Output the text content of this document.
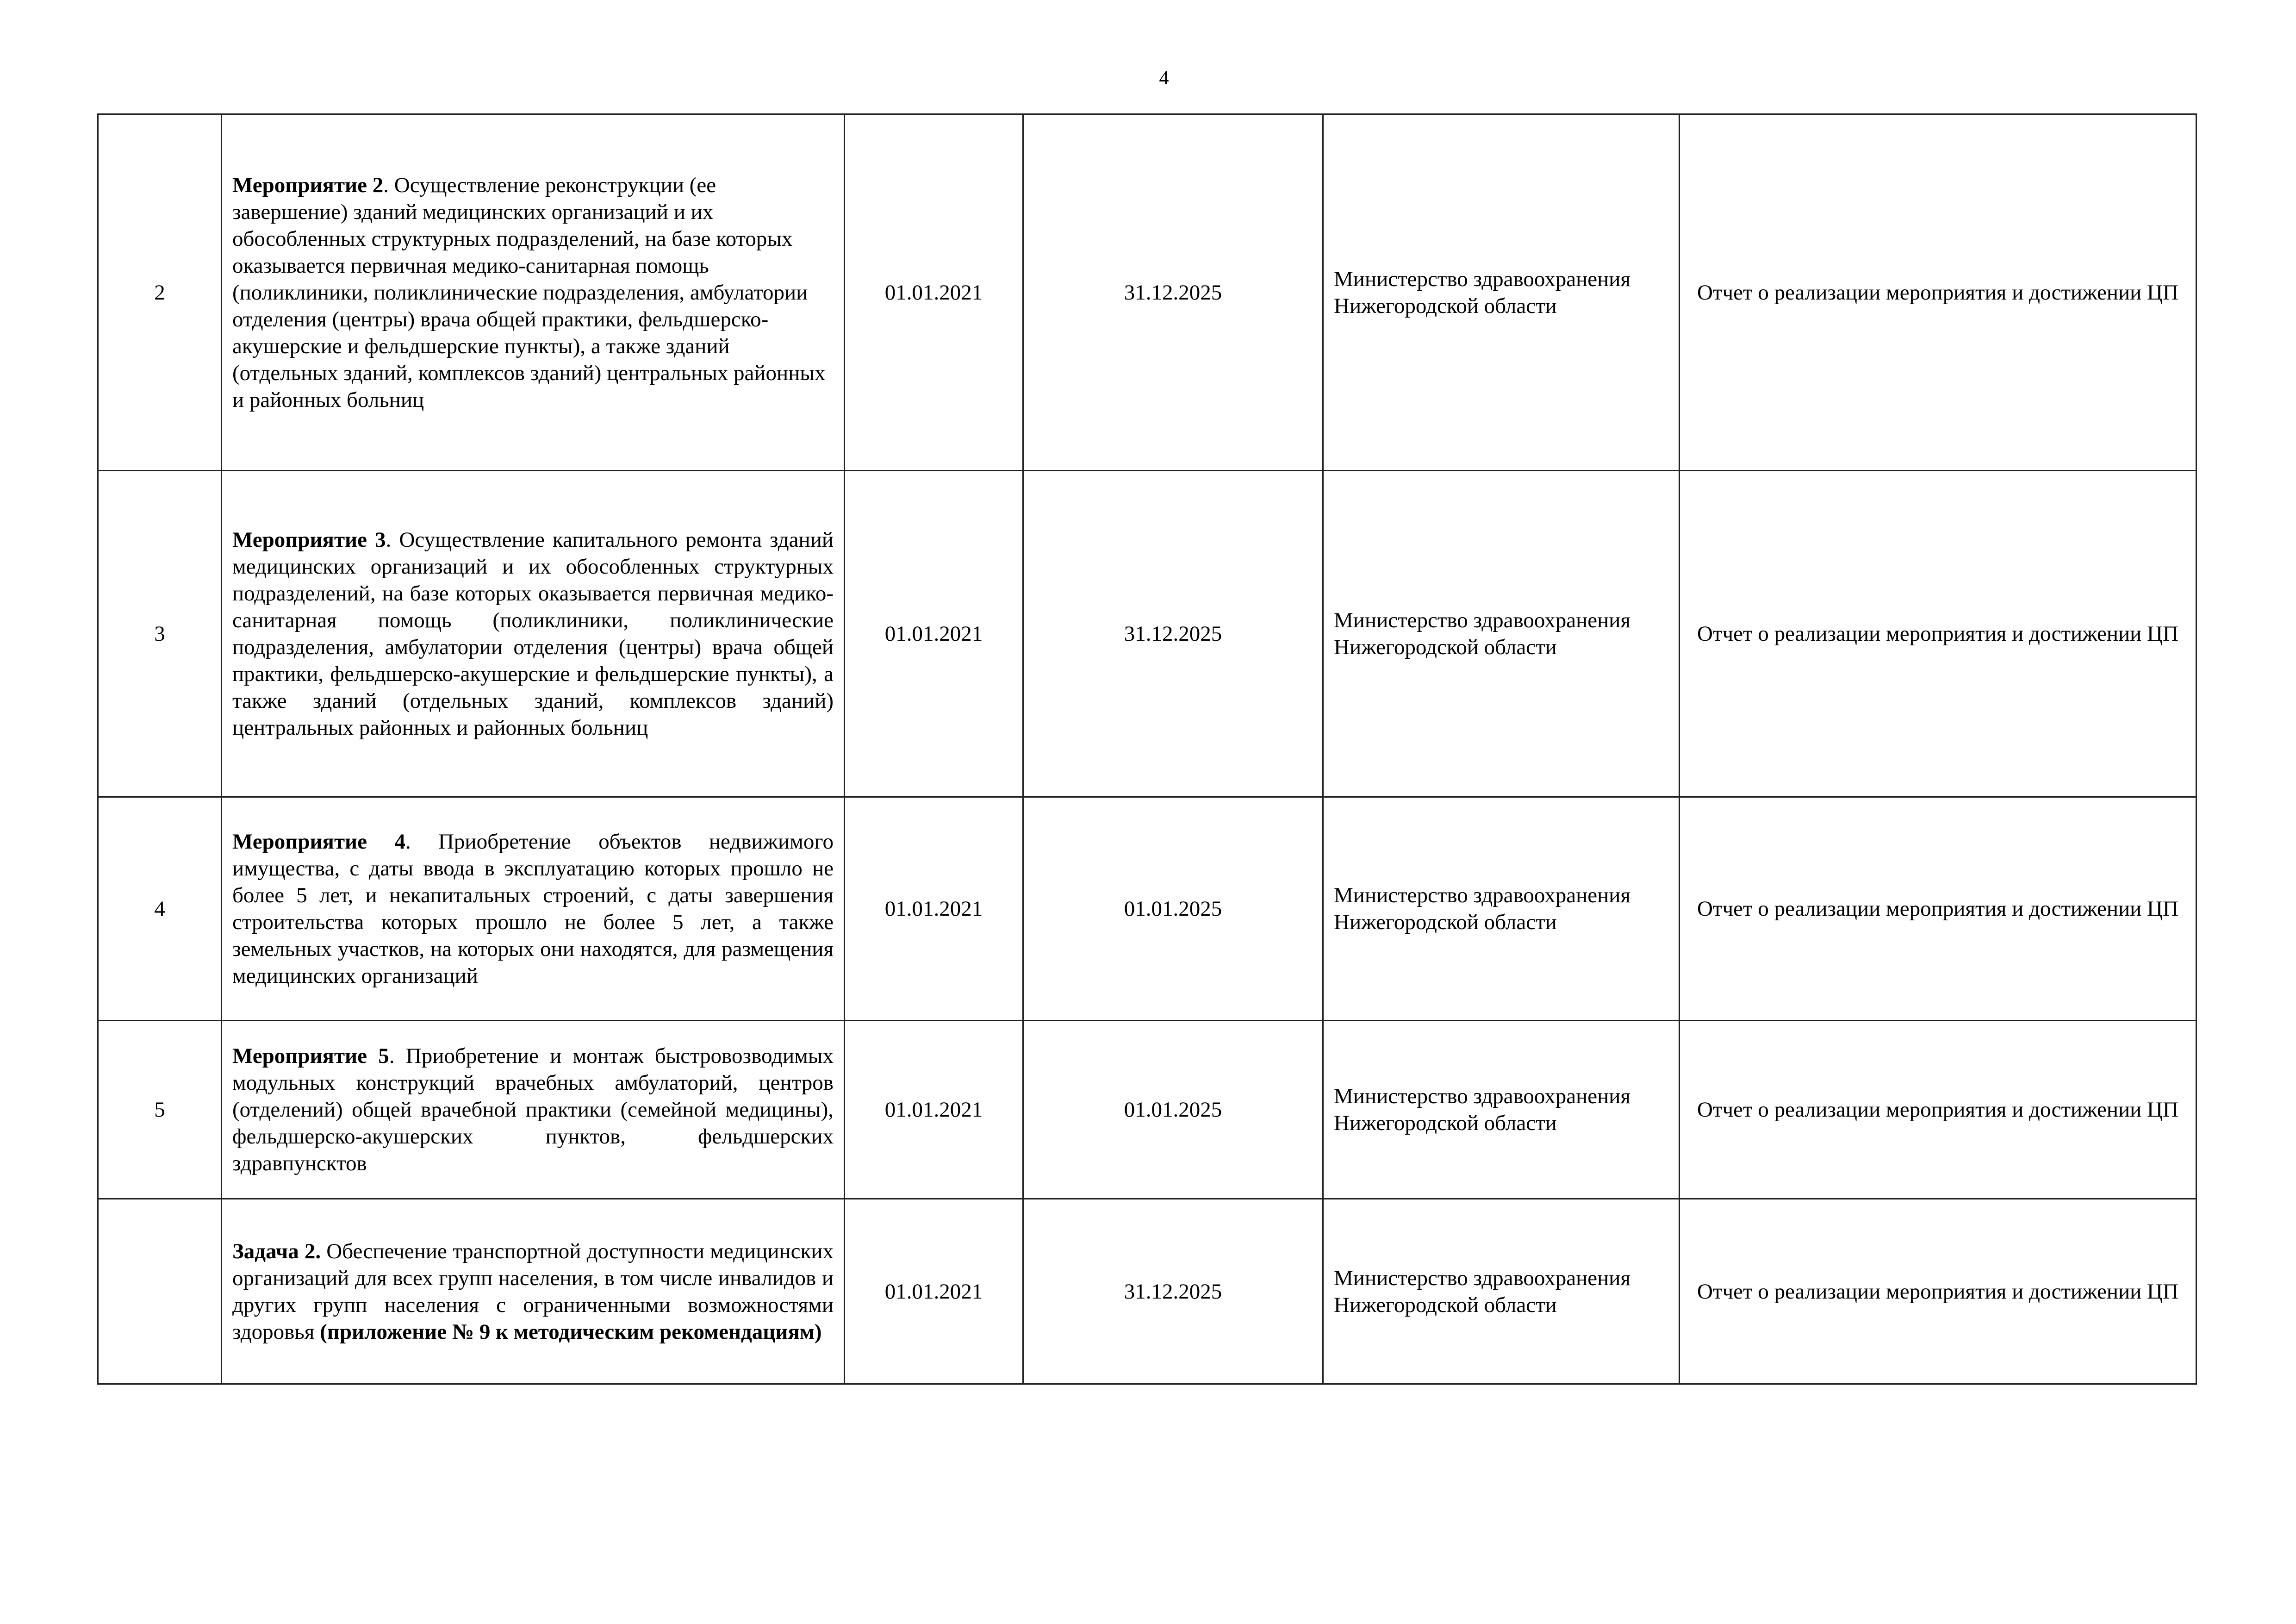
4
2	Мероприятие 2. Осуществление реконструкции (ее завершение) зданий медицинских организаций и их обособленных структурных подразделений, на базе которых оказывается первичная медико-санитарная помощь (поликлиники, поликлинические подразделения, амбулатории отделения (центры) врача общей практики, фельдшерско-акушерские и фельдшерские пункты), а также зданий (отдельных зданий, комплексов зданий) центральных районных и районных больниц	01.01.2021	31.12.2025	Министерство здравоохранения Нижегородской области	Отчет о реализации мероприятия и достижении ЦП
3	Мероприятие 3. Осуществление капитального ремонта зданий медицинских организаций и их обособленных структурных подразделений, на базе которых оказывается первичная медико-санитарная помощь (поликлиники, поликлинические подразделения, амбулатории отделения (центры) врача общей практики, фельдшерско-акушерские и фельдшерские пункты), а также зданий (отдельных зданий, комплексов зданий) центральных районных и районных больниц	01.01.2021	31.12.2025	Министерство здравоохранения Нижегородской области	Отчет о реализации мероприятия и достижении ЦП
4	Мероприятие 4. Приобретение объектов недвижимого имущества, с даты ввода в эксплуатацию которых прошло не более 5 лет, и некапитальных строений, с даты завершения строительства которых прошло не более 5 лет, а также земельных участков, на которых они находятся, для размещения медицинских организаций	01.01.2021	01.01.2025	Министерство здравоохранения Нижегородской области	Отчет о реализации мероприятия и достижении ЦП
5	Мероприятие 5. Приобретение и монтаж быстровозводимых модульных конструкций врачебных амбулаторий, центров (отделений) общей врачебной практики (семейной медицины), фельдшерско-акушерских пунктов, фельдшерских здравпунсктов	01.01.2021	01.01.2025	Министерство здравоохранения Нижегородской области	Отчет о реализации мероприятия и достижении ЦП
	Задача 2. Обеспечение транспортной доступности медицинских организаций для всех групп населения, в том числе инвалидов и других групп населения с ограниченными возможностями здоровья (приложение № 9 к методическим рекомендациям)	01.01.2021	31.12.2025	Министерство здравоохранения Нижегородской области	Отчет о реализации мероприятия и достижении ЦП
